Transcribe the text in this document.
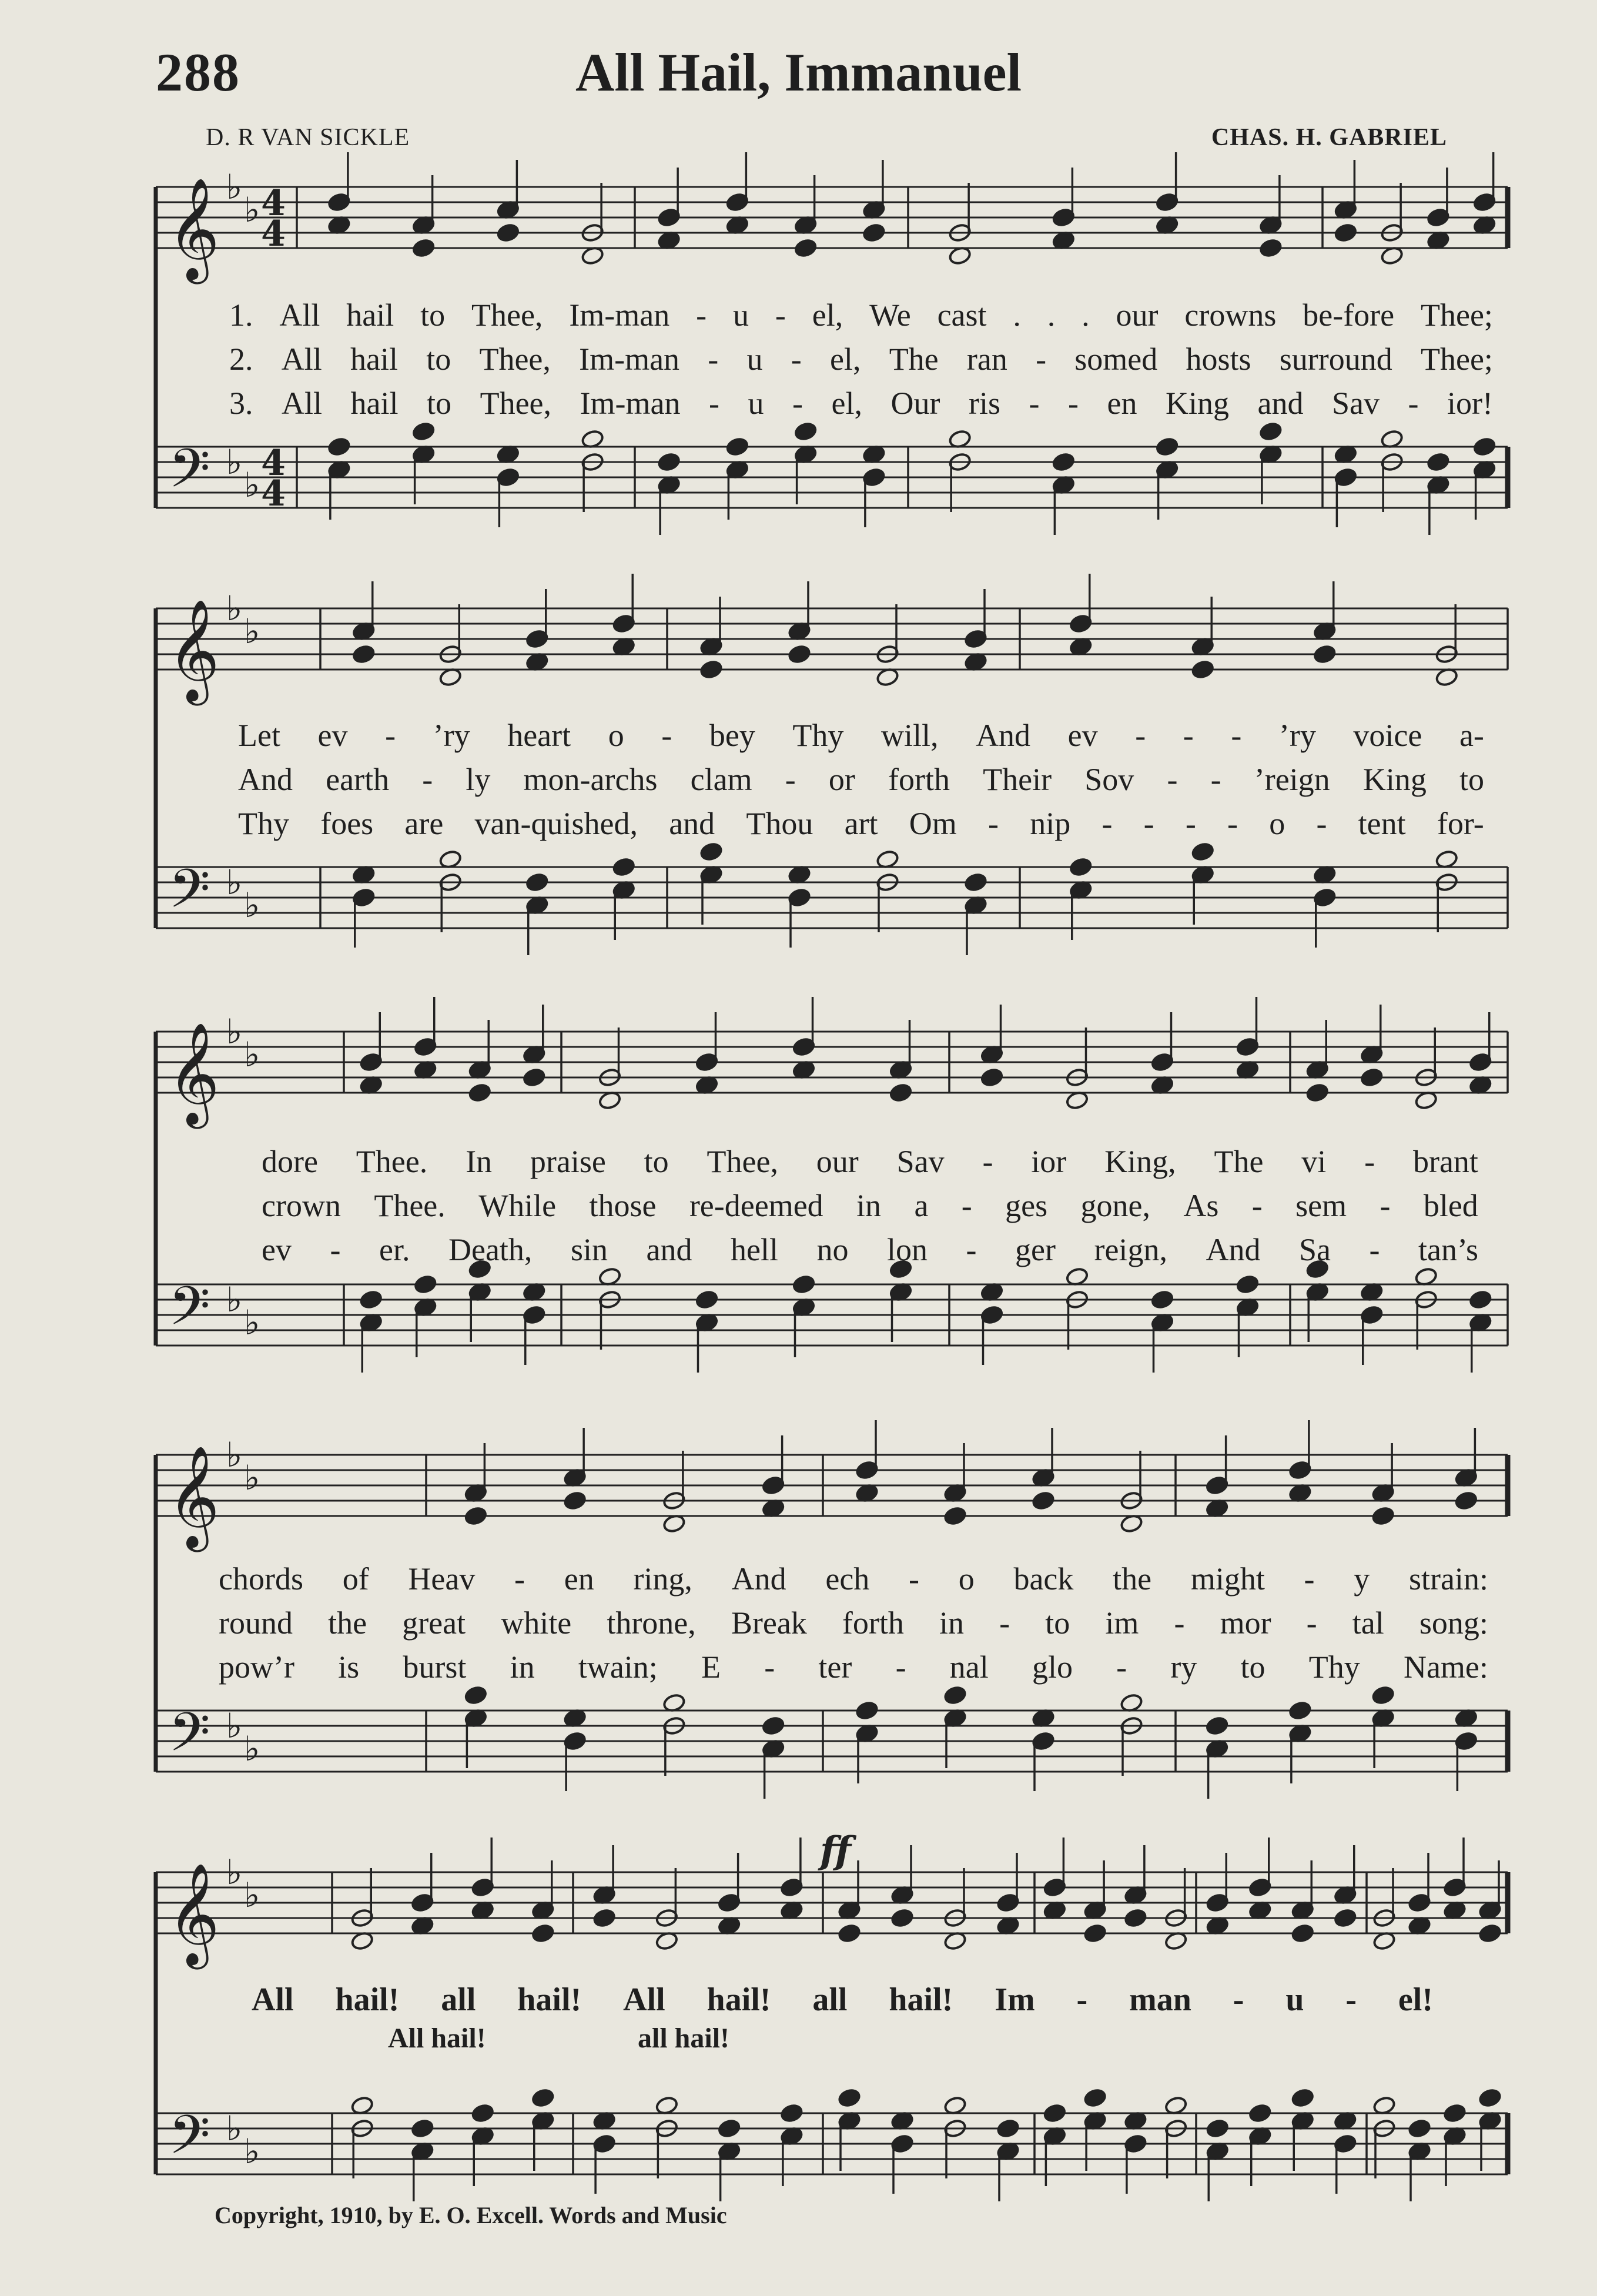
288	All Hail, Immanuel
D. R VAN SICKLE	CHAS. H. GABRIEL
𝄞
𝄢
♭
♭
♭
♭
𝄞
𝄢
♭
♭
♭
♭
𝄞
𝄢
♭
♭
♭
♭
𝄞
𝄢
♭
♭
♭
♭
𝄞
𝄢
♭
♭
♭
♭
4
4
4
4
ff
1. All hail to Thee, Im-man - u - el, We cast . . . our crowns be-fore Thee;
2. All hail to Thee, Im-man - u - el, The ran - somed hosts surround Thee;
3. All hail to Thee, Im-man - u - el, Our ris - - en King and Sav - ior!
Let ev - ’ry heart o - bey Thy will, And ev - - - ’ry voice a-
And earth - ly mon-archs clam - or forth Their Sov - - ’reign King to
Thy foes are van-quished, and Thou art Om - nip - - - - o - tent for-
dore Thee. In praise to Thee, our Sav - ior King, The vi - brant
crown Thee. While those re-deemed in a - ges gone, As - sem - bled
ev - er. Death, sin and hell no lon - ger reign, And Sa - tan’s
chords of Heav - en ring, And ech - o back the might - y strain:
round the great white throne, Break forth in - to im - mor - tal song:
pow’r is burst in twain; E - ter - nal glo - ry to Thy Name:
All hail! all hail! All hail! all hail! Im - man - u - el!
All hail!	all hail!
Copyright, 1910, by E. O. Excell. Words and Music
